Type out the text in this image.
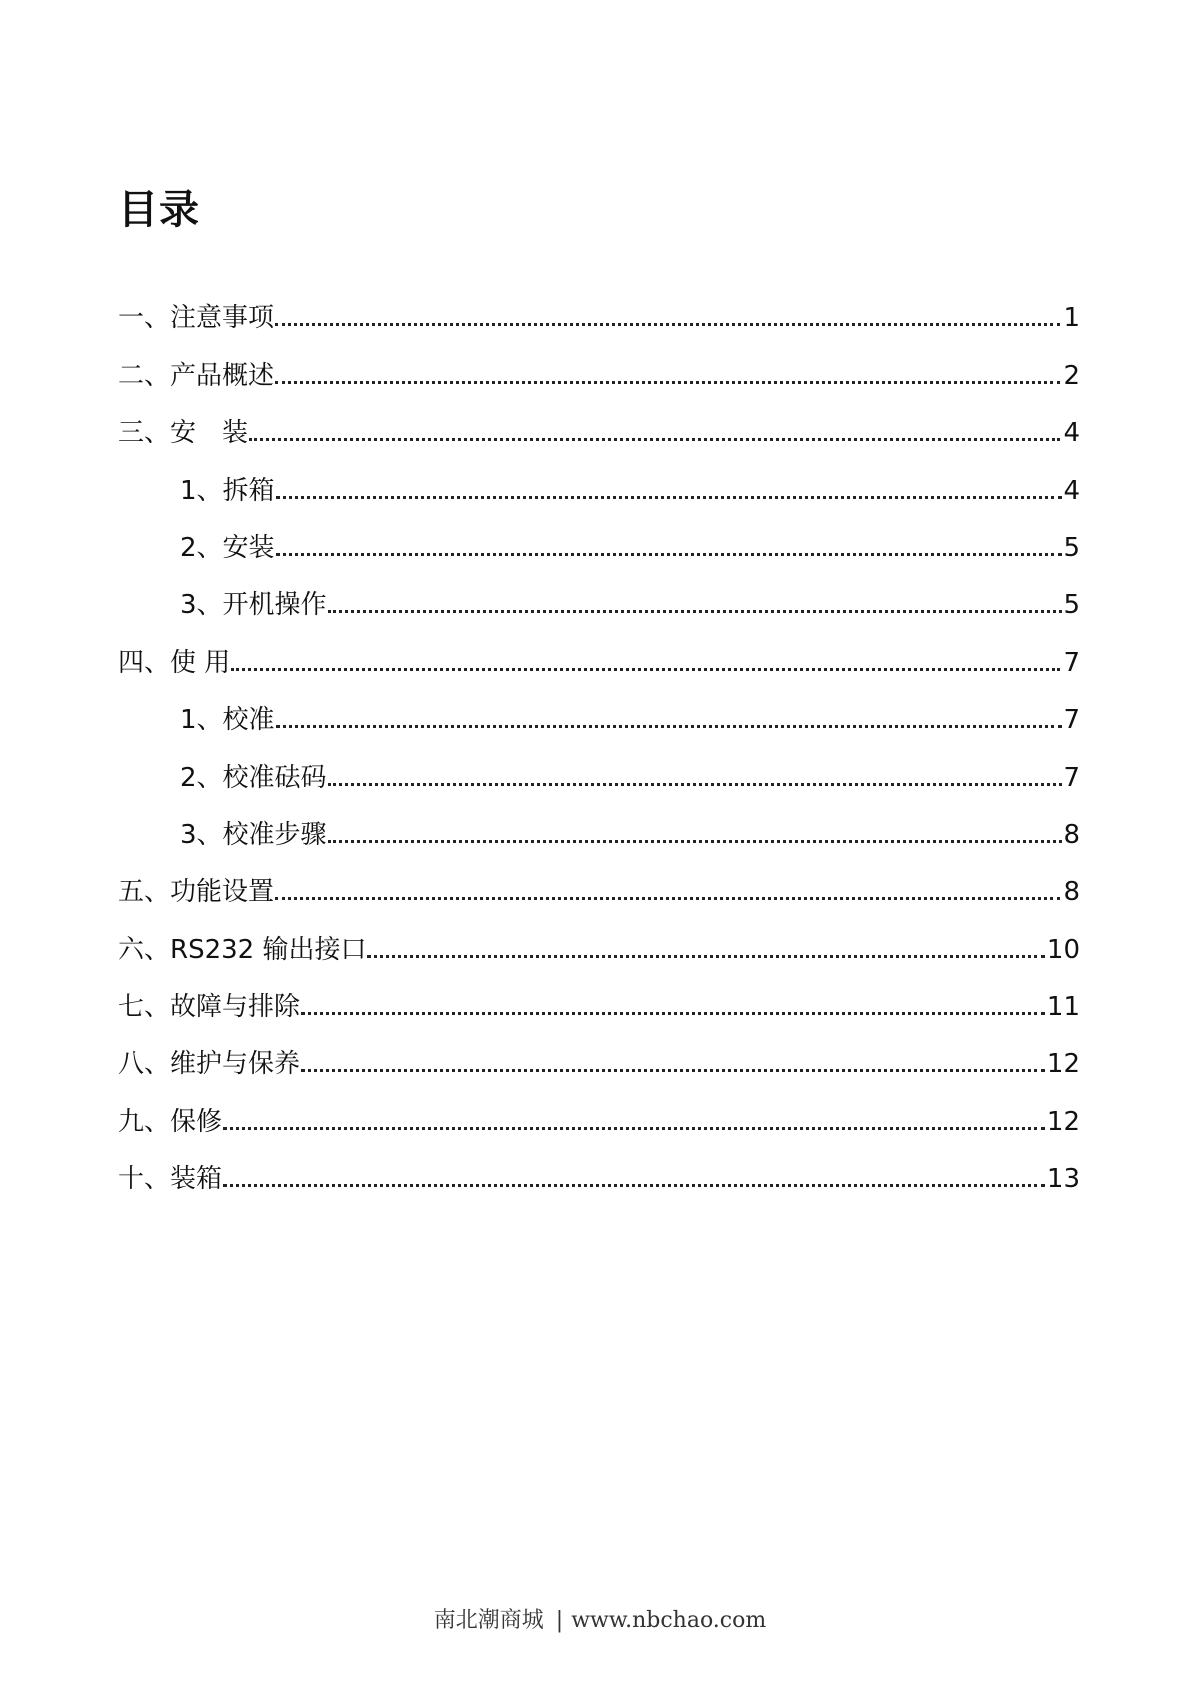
目录
一、注意事项	1
二、产品概述	2
三、安　装	4
1、拆箱	4
2、安装	5
3、开机操作	5
四、使 用	7
1、校准	7
2、校准砝码	7
3、校准步骤	8
五、功能设置	8
六、RS232 输出接口	10
七、故障与排除	11
八、维护与保养	12
九、保修	12
十、装箱	13
南北潮商城 | www.nbchao.com
